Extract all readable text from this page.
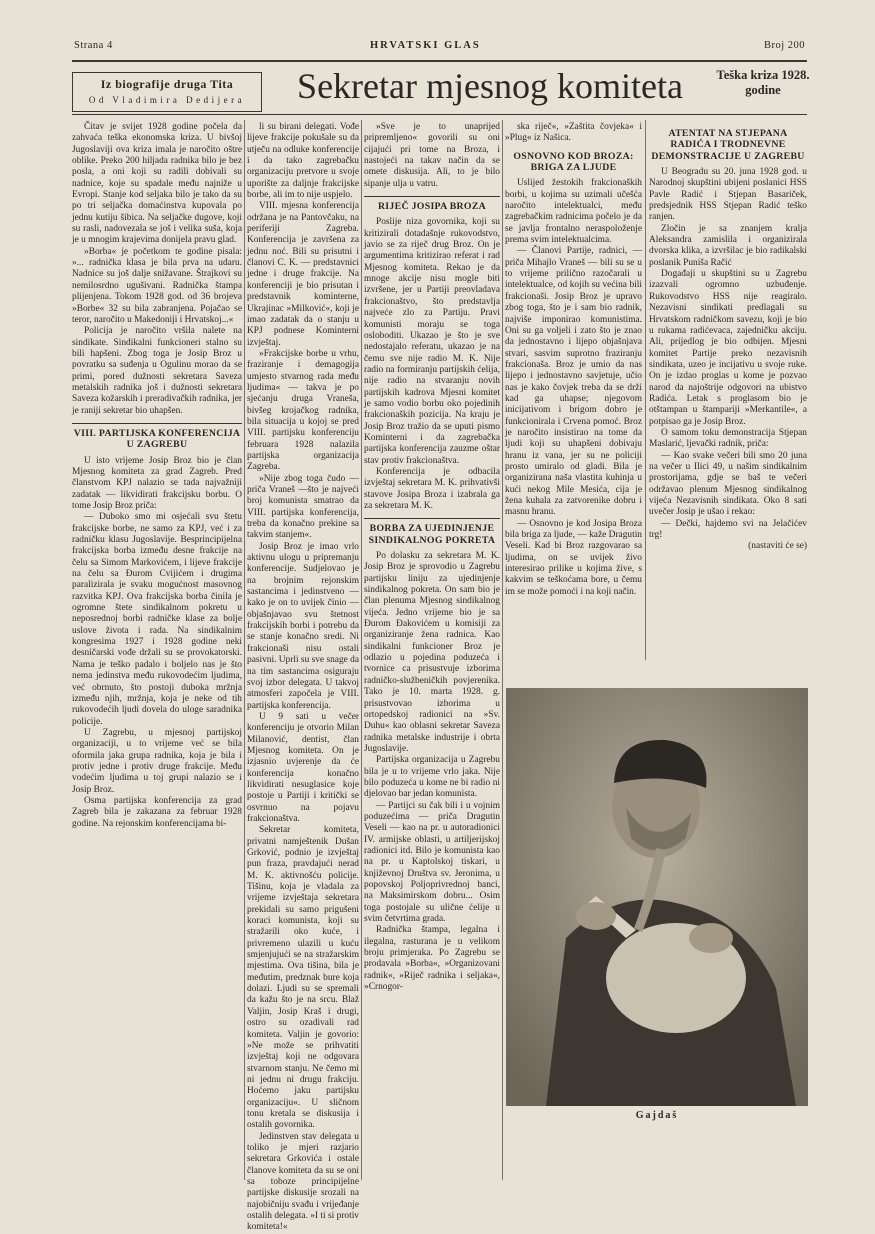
Strana 4	HRVATSKI GLAS	Broj 200
Iz biografije druga Tita
Od Vladimira Dedijera	Sekretar mjesnog komiteta	Teška kriza 1928. godine

Čitav je svijet 1928 godine počela da zahvaća teška ekonomska kriza. U bivšoj Jugoslaviji ova kriza imala je naročito oštre oblike. Preko 200 hiljada radnika bilo je bez posla, a oni koji su radili dobivali su nadnice, koje su spadale među najniže u Evropi. Stanje kod seljaka bilo je tako da su po tri seljačka domaćinstva kupovala po jednu kutiju šibica. Na seljačke dugove, koji su rasli, nadovezala se još i velika suša, koja je u mnogim krajevima donijela pravu glad.

»Borba« je početkom te godine pisala: »... radnička klasa je bila prva na udaru. Nadnice su još dalje snižavane. Štrajkovi su nemilosrdno ugušivani. Radnička štampa plijenjena. Tokom 1928 god. od 36 brojeva »Borbe« 32 su bila zabranjena. Pojačao se teror, naročito u Makedoniji i Hrvatskoj...«

Policija je naročito vršila nalete na sindikate. Sindikalni funkcioneri stalno su bili hapšeni. Zbog toga je Josip Broz u povratku sa suđenja u Ogulinu morao da se primi, pored dužnosti sekretara Saveza metalskih radnika još i dužnosti sekretara Saveza kožarskih i preradivačkih radnika, jer je raniji sekretar bio uhapšen.

VIII. PARTIJSKA KONFERENCIJA U ZAGREBU

U isto vrijeme Josip Broz bio je član Mjesnog komiteta za grad Zagreb. Pred članstvom KPJ nalazio se tada najvažniji zadatak — likvidirati frakcijsku borbu. O tome Josip Broz priča:

— Duboko smo mi osjećali svu štetu frakcijske borbe, ne samo za KPJ, već i za radničku klasu Jugoslavije. Besprincipijelna frakcijska borba između desne frakcije na čelu sa Simom Markovićem, i lijeve frakcije na čelu sa Đurom Cvijićem i drugima paralizirala je svaku mogućnost masovnog razvitka KPJ. Ova frakcijska borba činila je ogromne štete sindikalnom pokretu u neposrednoj borbi radničke klase za bolje uslove života i rada. Na sindikalnim kongresima 1927 i 1928 godine neki desničarski vođe držali su se provokatorski. Nama je teško padalo i boljelo nas je što nema jedinstva među rukovodećim ljudima, već obrnuto, što postoji duboka mržnja između njih, mržnja, koja je neke od tih rukovodećih ljudi dovela do uloge saradnika policije.

U Zagrebu, u mjesnoj partijskoj organizaciji, u to vrijeme već se bila oformila jaka grupa radnika, koja je bila i protiv jedne i protiv druge frakcije. Među vodećim ljudima u toj grupi nalazio se i Josip Broz.

Osma partijska konferencija za grad Zagreb bila je zakazana za februar 1928 godine. Na rejonskim konferencijama bi-

li su birani delegati. Vođe lijeve frakcije pokušale su da utječu na odluke konferencije i da tako zagrebačku organizaciju pretvore u svoje uporište za daljnje frakcijske borbe, ali im to nije uspjelo.

VIII. mjesna konferencija održana je na Pantovčaku, na periferiji Zagreba. Konferencija je završena za jednu noć. Bili su prisutni i članovi C. K. — predstavnici jedne i druge frakcije. Na konferenciji je bio prisutan i predstavnik kominterne, Ukrajinac »Milković«, koji je imao zadatak da o stanju u KPJ podnese Kominterni izvještaj.

»Frakcijske borbe u vrhu, fraziranje i demagogija umjesto stvarnog rada među ljudima« — takva je po sjećanju druga Vraneša, bivšeg krojačkog radnika, bila situacija u kojoj se pred VIII. partijsku konferenciju februara 1928 nalazila partijska organizacija Zagreba.

»Nije zbog toga čudo — priča Vraneš —što je najveći broj komunista smatrao da VIII. partijska konferencija, treba da konačno prekine sa takvim stanjem«.

Josip Broz je imao vrlo aktivnu ulogu u pripremanju konferencije. Sudjelovao je na brojnim rejonskim sastancima i jedinstveno — kako je on to uvijek činio — objašnjavao svu štetnost frakcijskih borbi i potrebu da se stanje konačno sredi. Ni frakcionaši nisu ostali pasivni. Uprli su sve snage da na tim sastancima osiguraju svoj izbor delegata. U takvoj atmosferi započela je VIII. partijska konferencija.

U 9 sati u večer konferenciju je otvorio Milan Milanović, dentist, član Mjesnog komiteta. On je izjasnio uvjerenje da će konferencija konačno likvidirati nesuglasice koje postoje u Partiji i kritički se osvrnuo na pojavu frakcionaštva.

Sekretar komiteta, privatni namještenik Dušan Grković, podnio je izvještaj pun fraza, pravdajući nerad M. K. aktivnošću policije. Tišinu, koja je vladala za vrijeme izvještaja sekretara prekidali su samo prigušeni koraci komunista, koji su stražarili oko kuće, i privremeno ulazili u kuću smjenjujući se na stražarskim mjestima. Ova tišina, bila je međutim, predznak bure koja dolazi. Ljudi su se spremali da kažu što je na srcu. Blaž Valjin, Josip Kraš i drugi, ostro su ozadivali rad komiteta. Valjin je govorio: »Ne može se prihvatiti izvještaj koji ne odgovara stvarnom stanju. Ne čemo mi ni jednu ni drugu frakciju. Hoćemo jaku partijsku organizaciju«. U sličnom tonu kretala se diskusija i ostalih govornika.

Jedinstven stav delegata u toliko je mjeri razjario sekretara Grkovića i ostale članove komiteta da su se oni sa toboze principijelne partijske diskusije srozali na najobičniju svađu i vrijeđanje ostalih delegata. »I ti si protiv komiteta!«

»Sve je to unaprijed pripremljeno« govorili su oni cijajući pri tome na Broza, i nastojeći na takav način da se omete diskusija. Ali, to je bilo sipanje ulja u vatru.

RIJEČ JOSIPA BROZA

Poslije niza govornika, koji su kritizirali dotadašnje rukovodstvo, javio se za riječ drug Broz. On je argumentima kritizirao referat i rad Mjesnog komiteta. Rekao je da mnoge akcije nisu mogle biti izvršene, jer u Partiji preovladava frakcionaštvo, što predstavlja najveće zlo za Partiju. Pravi komunisti moraju se toga osloboditi. Ukazao je što je sve nedostajalo referatu, ukazao je na čemu sve nije radio M. K. Nije radio na formiranju partijskih ćelija, nije radio na stvaranju novih partijskih kadrova Mjesni komitet je samo vodio borbu oko pojedinih frakcionaških pozicija. Na kraju je Josip Broz tražio da se uputi pismo Kominterni i da zagrebačka partijska konferencija zauzme oštar stav protiv frakcionaštva.

Konferencija je odbacila izvještaj sekretara M. K. prihvativši stavove Josipa Broza i izabrala ga za sekretara M. K.

BORBA ZA UJEDINJENJE SINDIKALNOG POKRETA

Po dolasku za sekretara M. K. Josip Broz je sprovodio u Zagrebu partijsku liniju za ujedinjenje sindikalnog pokreta. On sam bio je član plenuma Mjesnog sindikalnog vijeća. Jedno vrijeme bio je sa Đurom Đakovićem u komisiji za organiziranje žena radnica. Kao sindikalni funkcioner Broz je odlazio u pojedina poduzeća i tvornice ca prisustvuje izborima radničko-službeničkih povjerenika. Tako je 10. marta 1928. g. prisustvovao izborima u ortopedskoj radionici na »Sv. Duhu« kao oblasni sekretar Saveza radnika metalske industrije i obrta Jugoslavije.

Partijska organizacija u Zagrebu bila je u to vrijeme vrlo jaka. Nije bilo poduzeća u kome ne bi radio ni djelovao bar jedan komunista.

— Partijci su čak bili i u vojnim poduzećima — priča Dragutin Veseli — kao na pr. u autoradionici IV. armijske oblasti, u artiljerijskoj radionici itd. Bilo je komunista kao na pr. u Kaptolskoj tiskari, u književnoj Društva sv. Jeronima, u popovskoj Poljoprivrednoj banci, na Maksimirskom dobru... Osim toga postojale su uličnе ćelije u svim četvrtima grada.

Radnička štampa, legalna i ilegalna, rasturana je u velikom broju primjeraka. Po Zagrebu se prodavala »Borba«, »Organizovani radnik«, »Riječ radnika i seljaka«, »Crnogor-

ska riječ«, »Zaštita čovjeka« i »Plug« iz Našica.

OSNOVNO KOD BROZA: BRIGA ZA LJUDE

Uslijed žestokih frakcionaških borbi, u kojima su uzimali učešća naročito intelektualci, među zagrebačkim radnicima počelo je da se javlja frontalno neraspoloženje prema svim intelektualcima.

— Članovi Partije, radnici, — priča Mihajlo Vraneš — bili su se u to vrijeme prilično razočarali u intelektualce, od kojih su većina bili frakcionaši. Josip Broz je upravo zbog toga, što je i sam bio radnik, najviše imponirao komunistima. Oni su ga voljeli i zato što je znao da jednostavno i lijepo objašnjava stvari, sasvim suprotno fraziranju frakcionaša. Broz je umio da nas lijepo i jednostavno savjetuje, učio nas je kako čovjek treba da se drži kad ga uhapse; njegovom inicijativom i brigom dobro je funkcionirala i Crvena pomoć. Broz je naročito insistirao na tome da ljudi koji su uhapšeni dobivaju hranu iz vana, jer su ne policiji prosto umiralo od gladi. Bila je organizirana naša vlastita kuhinja u kući nekog Mile Mesića, cija je žena kuhala za zatvorenike dobru i masnu hranu.

— Osnovno je kod Josipa Broza bila briga za ljude, — kaže Dragutin Veseli. Kad bi Broz razgovarao sa ljudima, on se uvijek živo interesirao prilike u kojima žive, s kakvim se teškoćama bore, u čemu im se može pomoći i na koji način.

ATENTAT NA STJEPANA RADIĆA I TRODNEVNE DEMONSTRACIJE U ZAGREBU

U Beogradu su 20. juna 1928 god. u Narodnoj skupštini ubijeni poslanici HSS Pavle Radić i Stjepan Basariček, predsjednik HSS Stjepan Radić teško ranjen.

Zločin je sa znanjem kralja Aleksandra zamislila i organizirala dvorska klika, a izvršilac je bio radikalski poslanik Puniša Račić

Događaji u skupštini su u Zagrebu izazvali ogromno uzbuđenje. Rukovodstvo HSS nije reagiralo. Nezavisni sindikati predlagali su Hrvatskom radničkom savezu, koji je bio u rukama radićevaca, zajedničku akciju. Ali, prijedlog je bio odbijen. Mjesni komitet Partije preko nezavisnih sindikata, uzeo je incijativu u svoje ruke. On je izdao proglas u kome je pozvao narod da najoštrije odgovori na ubistvo Radića. Letak s proglasom bio je otštampan u štampariji »Merkantile«, a potpisao ga je Josip Broz.

O samom toku demonstracija Stjepan Maslarić, ljevački radnik, priča:

— Kao svake večeri bili smo 20 juna na večer u Ilici 49, u našim sindikalnim prostorijama, gdje se baš te večeri održavao plenum Mjesnog sindikalnog vijeća Nezavisnih sindikata. Oko 8 sati uvečer Josip je ušao i rekao:

— Dečki, hajdemo svi na Jelačićev trg!

(nastaviti će se)

Gajdaš
